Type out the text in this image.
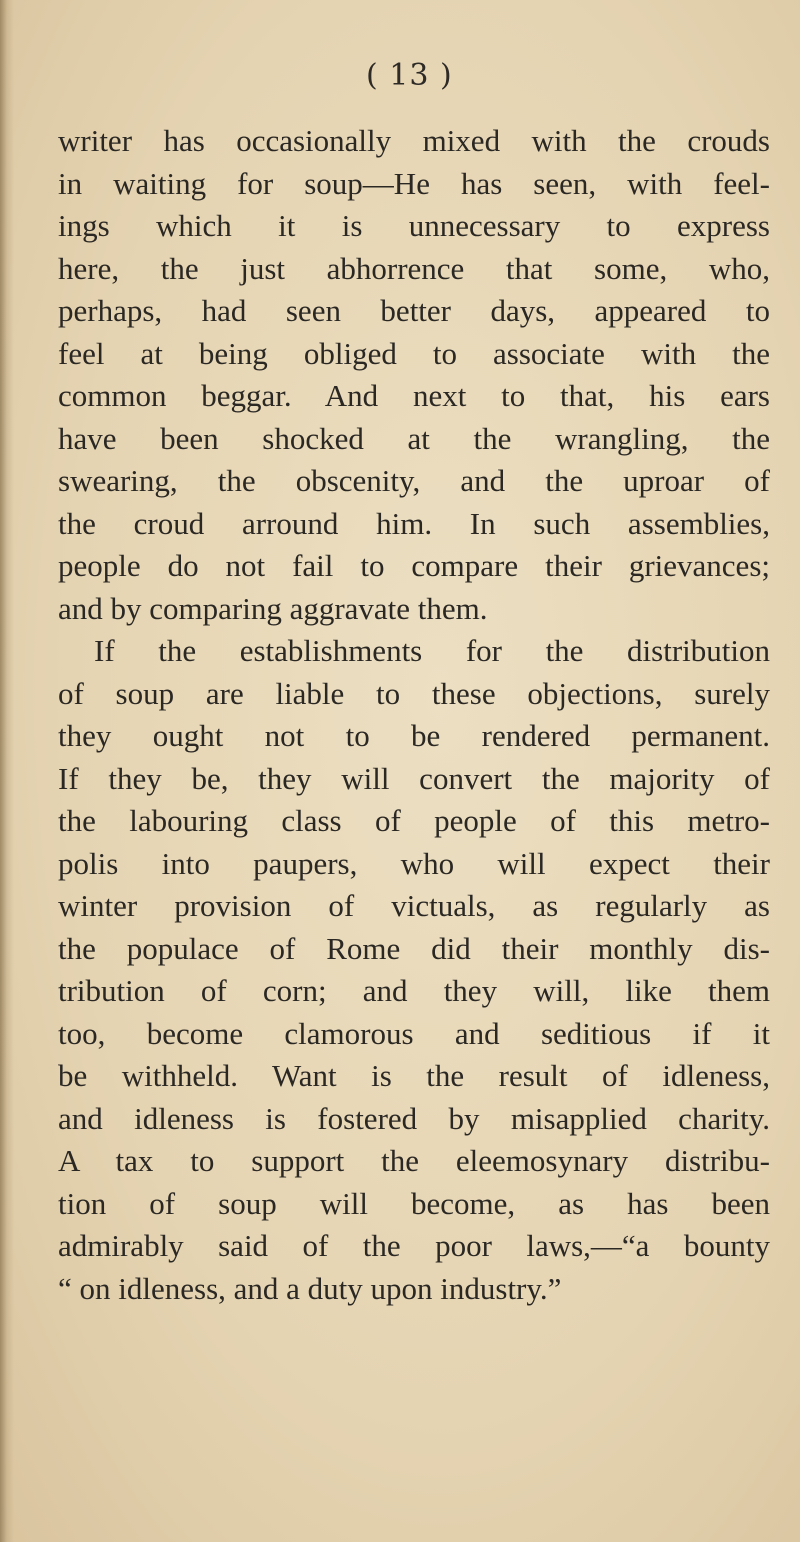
( 13 )
writer has occasionally mixed with the crouds
in waiting for soup—He has seen, with feel-
ings which it is unnecessary to express
here, the just abhorrence that some, who,
perhaps, had seen better days, appeared to
feel at being obliged to associate with the
common beggar. And next to that, his ears
have been shocked at the wrangling, the
swearing, the obscenity, and the uproar of
the croud arround him. In such assemblies,
people do not fail to compare their grievances;
and by comparing aggravate them.
If the establishments for the distribution
of soup are liable to these objections, surely
they ought not to be rendered permanent.
If they be, they will convert the majority of
the labouring class of people of this metro-
polis into paupers, who will expect their
winter provision of victuals, as regularly as
the populace of Rome did their monthly dis-
tribution of corn; and they will, like them
too, become clamorous and seditious if it
be withheld. Want is the result of idleness,
and idleness is fostered by misapplied charity.
A tax to support the eleemosynary distribu-
tion of soup will become, as has been
admirably said of the poor laws,—“a bounty
“ on idleness, and a duty upon industry.”
